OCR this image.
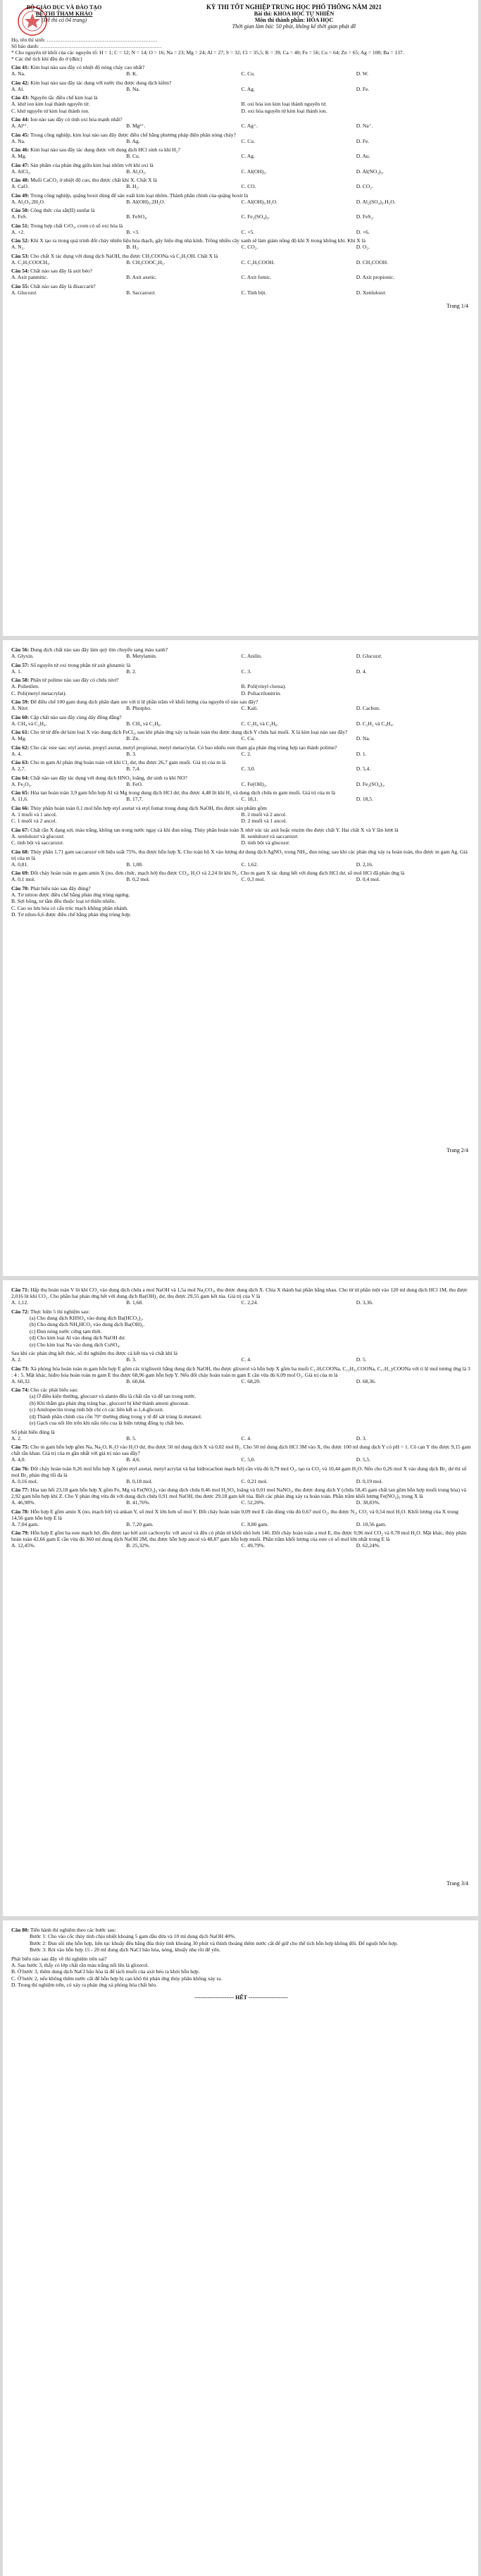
BỘ GIÁO DỤC VÀ ĐÀO TẠO
ĐỀ THI THAM KHẢO
(Đề thi có 04 trang)
KỲ THI TỐT NGHIỆP TRUNG HỌC PHỔ THÔNG NĂM 2021
Bài thi: KHOA HỌC TỰ NHIÊN
Môn thi thành phần: HÓA HỌC
Thời gian làm bài: 50 phút, không kể thời gian phát đề
Họ, tên thí sinh: ………………………………………………………
Số báo danh: ……………………………………………………………
* Cho nguyên tử khối của các nguyên tố: H = 1; C = 12; N = 14; O = 16; Na = 23; Mg = 24; Al = 27; S = 32; Cl = 35,5; K = 39; Ca = 40; Fe = 56; Cu = 64; Zn = 65; Ag = 108; Ba = 137.
* Các thể tích khí đều đo ở (đktc)
Câu 41: Kim loại nào sau đây có nhiệt độ nóng chảy cao nhất?
A. Na.	B. K.	C. Cu.	D. W.
Câu 42: Kim loại nào sau đây tác dụng với nước thu được dung dịch kiềm?
A. Al.	B. Na.	C. Ag.	D. Fe.
Câu 43: Nguyên tắc điều chế kim loại là
A. khử ion kim loại thành nguyên tử.	B. oxi hóa ion kim loại thành nguyên tử.
C. khử nguyên tử kim loại thành ion.	D. oxi hóa nguyên tử kim loại thành ion.
Câu 44: Ion nào sau đây có tính oxi hóa mạnh nhất?
A. Al³⁺.	B. Mg²⁺.	C. Ag⁺.	D. Na⁺.
Câu 45: Trong công nghiệp, kim loại nào sau đây được điều chế bằng phương pháp điện phân nóng chảy?
A. Na.	B. Ag.	C. Cu.	D. Fe.
Câu 46: Kim loại nào sau đây tác dụng được với dung dịch HCl sinh ra khí H₂?
A. Mg.	B. Cu.	C. Ag.	D. Au.
Câu 47: Sản phẩm của phản ứng giữa kim loại nhôm với khí oxi là
A. AlCl₃.	B. Al₂O₃.	C. Al(OH)₃.	D. Al(NO₃)₃.
Câu 48: Muối CaCO₃ ở nhiệt độ cao, thu được chất khí X. Chất X là
A. CaO.	B. H₂.	C. CO.	D. CO₂.
Câu 49: Trong công nghiệp, quặng boxit dùng để sản xuất kim loại nhôm. Thành phần chính của quặng boxit là
A. Al₂O₃.2H₂O.	B. Al(OH)₃.2H₂O.	C. Al(OH)₃.H₂O.	D. Al₂(SO₄)₃.H₂O.
Câu 50: Công thức của sắt(II) sunfat là
A. FeS.	B. FeSO₄.	C. Fe₂(SO₄)₃.	D. FeS₂.
Câu 51: Trong hợp chất CrO₃, crom có số oxi hóa là
A. +2.	B. +3.	C. +5.	D. +6.
Câu 52: Khí X tạo ra trong quá trình đốt cháy nhiên liệu hóa thạch, gây hiệu ứng nhà kính. Trồng nhiều cây xanh sẽ làm giảm nồng độ khí X trong không khí. Khí X là
A. N₂.	B. H₂.	C. CO₂.	D. O₂.
Câu 53: Cho chất X tác dụng với dung dịch NaOH, thu được CH₃COONa và C₂H₅OH. Chất X là
A. C₂H₅COOCH₃.	B. CH₃COOC₂H₅.	C. C₂H₅COOH.	D. CH₃COOH.
Câu 54: Chất nào sau đây là axit béo?
A. Axit panmitic.	B. Axit axetic.	C. Axit fomic.	D. Axit propionic.
Câu 55: Chất nào sau đây là đisaccarit?
A. Glucozơ.	B. Saccarozơ.	C. Tinh bột.	D. Xenlulozơ.
Trang 1/4
Câu 56: Dung dịch chất nào sau đây làm quỳ tím chuyển sang màu xanh?
A. Glyxin.	B. Metylamin.	C. Anilin.	D. Glucozơ.
Câu 57: Số nguyên tử oxi trong phân tử axit glutamic là
A. 1.	B. 2.	C. 3.	D. 4.
Câu 58: Phân tử polime nào sau đây có chứa nitơ?
A. Polietilen.	B. Poli(vinyl clorua).
C. Poli(metyl metacrylat).	D. Poliacrilonitrin.
Câu 59: Để điều chế 100 gam dung dịch phân đạm ure với tỉ lệ phần trăm về khối lượng của nguyên tố nào sau đây?
A. Nitơ.	B. Photpho.	C. Kali.	D. Cacbon.
Câu 60: Cặp chất nào sau đây cùng dãy đồng đẳng?
A. CH₄ và C₂H₄.	B. CH₄ và C₂H₆.	C. C₂H₄ và C₂H₆.	D. C₂H₂ và C₄H₄.
Câu 61: Cho từ từ đến dư kim loại X vào dung dịch FeCl₃, sau khi phản ứng xảy ra hoàn toàn thu được dung dịch Y chứa hai muối. X là kim loại nào sau đây?
A. Mg.	B. Zn.	C. Cu.	D. Na.
Câu 62: Cho các este sau: etyl axetat, propyl axetat, metyl propionat, metyl metacrylat. Có bao nhiêu este tham gia phản ứng trùng hợp tạo thành polime?
A. 4.	B. 3.	C. 2.	D. 1.
Câu 63: Cho m gam Al phản ứng hoàn toàn với khí Cl₂ dư, thu được 26,7 gam muối. Giá trị của m là
A. 2,7.	B. 7,4.	C. 3,0.	D. 5,4.
Câu 64: Chất nào sau đây tác dụng với dung dịch HNO₃ loãng, dư sinh ra khí NO?
A. Fe₂O₃.	B. FeO.	C. Fe(OH)₃.	D. Fe₂(SO₄)₃.
Câu 65: Hòa tan hoàn toàn 3,9 gam hỗn hợp Al và Mg trong dung dịch HCl dư, thu được 4,48 lít khí H₂ và dung dịch chứa m gam muối. Giá trị của m là
A. 11,6.	B. 17,7.	C. 18,1.	D. 18,5.
Câu 66: Thủy phân hoàn toàn 0,1 mol hỗn hợp etyl axetat và etyl fomat trong dung dịch NaOH, thu được sản phẩm gồm
A. 1 muối và 1 ancol.	B. 2 muối và 2 ancol.
C. 1 muối và 2 ancol.	D. 2 muối và 1 ancol.
Câu 67: Chất rắn X dạng sợi, màu trắng, không tan trong nước ngay cả khi đun nóng. Thủy phân hoàn toàn X nhờ xúc tác axit hoặc enzim thu được chất Y. Hai chất X và Y lần lượt là
A. xenlulozơ và glucozơ.	B. xenlulozơ và saccarozơ.
C. tinh bột và saccarozơ.	D. tinh bột và glucozơ.
Câu 68: Thủy phân 1,71 gam saccarozơ với hiệu suất 75%, thu được hỗn hợp X. Cho toàn bộ X vào lượng dư dung dịch AgNO₃ trong NH₃, đun nóng; sau khi các phản ứng xảy ra hoàn toàn, thu được m gam Ag. Giá trị của m là
A. 0,81.	B. 1,08.	C. 1,62.	D. 2,16.
Câu 69: Đốt cháy hoàn toàn m gam amin X (no, đơn chức, mạch hở) thu được CO₂, H₂O và 2,24 lít khí N₂. Cho m gam X tác dụng hết với dung dịch HCl dư, số mol HCl đã phản ứng là
A. 0,1 mol.	B. 0,2 mol.	C. 0,3 mol.	D. 0,4 mol.
Câu 70: Phát biểu nào sau đây đúng?
A. Tơ nitron được điều chế bằng phản ứng trùng ngưng.
B. Sợi bông, tơ tằm đều thuộc loại tơ thiên nhiên.
C. Cao su lưu hóa có cấu trúc mạch không phân nhánh.
D. Tơ nilon-6,6 được điều chế bằng phản ứng trùng hợp.
Trang 2/4
Câu 71: Hấp thụ hoàn toàn V lít khí CO₂ vào dung dịch chứa a mol NaOH và 1,5a mol Na₂CO₃, thu được dung dịch X. Chia X thành hai phần bằng nhau. Cho từ từ phần một vào 120 ml dung dịch HCl 1M, thu được 2,016 lít khí CO₂. Cho phần hai phản ứng hết với dung dịch Ba(OH)₂ dư, thu được 29,55 gam kết tủa. Giá trị của V là
A. 1,12.	B. 1,68.	C. 2,24.	D. 3,36.
Câu 72: Thực hiện 5 thí nghiệm sau:
(a) Cho dung dịch KHSO₄ vào dung dịch Ba(HCO₃)₂.
(b) Cho dung dịch NH₄HCO₃ vào dung dịch Ba(OH)₂.
(c) Đun nóng nước cứng tạm thời.
(d) Cho kim loại Al vào dung dịch NaOH dư.
(e) Cho kim loại Na vào dung dịch CuSO₄.
Sau khi các phản ứng kết thúc, số thí nghiệm thu được cả kết tủa và chất khí là
A. 2.	B. 3.	C. 4.	D. 5.
Câu 73: Xà phòng hóa hoàn toàn m gam hỗn hợp E gồm các triglixerit bằng dung dịch NaOH, thu được glixerol và hỗn hợp X gồm ba muối C₁₇HₓCOONa, C₁₅H₃₁COONa, C₁₇H_yCOONa với tỉ lệ mol tương ứng là 3 : 4 : 5. Mặt khác, hiđro hóa hoàn toàn m gam E thu được 68,96 gam hỗn hợp Y. Nếu đốt cháy hoàn toàn m gam E cần vừa đủ 6,09 mol O₂. Giá trị của m là
A. 60,32.	B. 60,84.	C. 68,20.	D. 68,36.
Câu 74: Cho các phát biểu sau:
(a) Ở điều kiện thường, glucozơ và alanin đều là chất rắn và dễ tan trong nước.
(b) Khi thắm gia phản ứng tráng bạc, glucozơ bị khử thành amoni gluconat.
(c) Amilopectin trong tinh bột chỉ có các liên kết α-1,4-glicozit.
(d) Thành phần chính của cồn 70° thường dùng trong y tế để sát trùng là metanol.
(e) Gạch cua nổi lên trên khi nấu riêu cua là hiện tượng đông tụ chất béo.
Số phát biểu đúng là
A. 2.	B. 5.	C. 4.	D. 3.
Câu 75: Cho m gam hỗn hợp gồm Na, Na₂O, K₂O vào H₂O dư, thu được 50 ml dung dịch X và 0,02 mol H₂. Cho 50 ml dung dịch HCl 3M vào X, thu được 100 ml dung dịch Y có pH = 1. Cô cạn Y thu được 9,15 gam chất rắn khan. Giá trị của m gần nhất với giá trị nào sau đây?
A. 4,0.	B. 4,6.	C. 5,0.	D. 5,5.
Câu 76: Đốt cháy hoàn toàn 0,26 mol hỗn hợp X (gồm etyl axetat, metyl acrylat và hai hiđrocacbon mạch hở) cần vừa đủ 0,79 mol O₂, tạo ra CO₂ và 10,44 gam H₂O. Nếu cho 0,26 mol X vào dung dịch Br₂ dư thì số mol Br₂ phản ứng tối đa là
A. 0,16 mol.	B. 0,18 mol.	C. 0,21 mol.	D. 0,19 mol.
Câu 77: Hòa tan hết 23,18 gam hỗn hợp X gồm Fe, Mg và Fe(NO₃)₃ vào dung dịch chứa 0,46 mol H₂SO₄ loãng và 0,01 mol NaNO₃, thu được dung dịch Y (chứa 58,45 gam chất tan gồm hỗn hợp muối trung hòa) và 2,92 gam hỗn hợp khí Z. Cho Y phản ứng vừa đủ với dung dịch chứa 0,91 mol NaOH, thu được 29,18 gam kết tủa. Biết các phản ứng xảy ra hoàn toàn. Phần trăm khối lượng Fe(NO₃)₃ trong X là
A. 46,98%.	B. 41,76%.	C. 52,20%.	D. 38,83%.
Câu 78: Hỗn hợp E gồm amin X (no, mạch hở) và ankan Y, số mol X lớn hơn số mol Y. Đốt cháy hoàn toàn 0,09 mol E cần dùng vừa đủ 0,67 mol O₂, thu được N₂, CO₂ và 0,54 mol H₂O. Khối lượng của X trong 14,56 gam hỗn hợp E là
A. 7,04 gam.	B. 7,20 gam.	C. 8,80 gam.	D. 10,56 gam.
Câu 79: Hỗn hợp E gồm ba este mạch hở, đều được tạo bởi axit cacboxylic với ancol và đều có phân tử khối nhỏ hơn 146. Đốt cháy hoàn toàn a mol E, thu được 0,96 mol CO₂ và 0,78 mol H₂O. Mặt khác, thủy phân hoàn toàn 42,66 gam E cần vừa đủ 360 ml dung dịch NaOH 2M, thu được hỗn hợp ancol và 48,87 gam hỗn hợp muối. Phần trăm khối lượng của este có số mol lớn nhất trong E là
A. 12,45%.	B. 25,32%.	C. 49,79%.	D. 62,24%.
Trang 3/4
Câu 80: Tiến hành thí nghiệm theo các bước sau:
Bước 1: Cho vào cốc thủy tinh chịu nhiệt khoảng 5 gam dầu dừa và 10 ml dung dịch NaOH 40%.
Bước 2: Đun sôi nhẹ hỗn hợp, liên tục khuấy đều bằng đũa thủy tinh khoảng 30 phút và thỉnh thoảng thêm nước cất để giữ cho thể tích hỗn hợp không đổi. Để nguội hỗn hợp.
Bước 3: Rót vào hỗn hợp 15 - 20 ml dung dịch NaCl bão hòa, nóng, khuấy nhẹ rồi để yên.
Phát biểu nào sau đây về thí nghiệm trên sai?
A. Sau bước 3, thấy có lớp chất rắn màu trắng nổi lên là glixerol.
B. Ở bước 3, thêm dung dịch NaCl bão hòa là để tách muối của axit béo ra khỏi hỗn hợp.
C. Ở bước 2, nếu không thêm nước cất để hỗn hợp bị cạn khô thì phản ứng thủy phân không xảy ra.
D. Trong thí nghiệm trên, có xảy ra phản ứng xà phòng hóa chất béo.
--------------------- HẾT ---------------------
